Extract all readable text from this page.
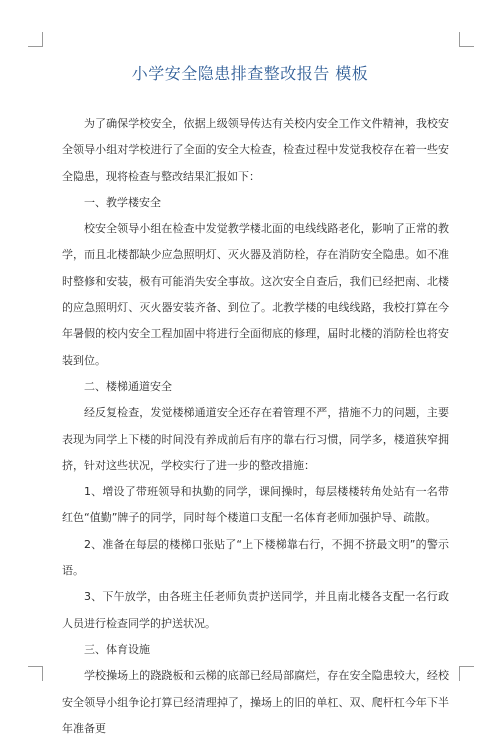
小学安全隐患排查整改报告 模板

为了确保学校安全，依据上级领导传达有关校内安全工作文件精神，我校安全领导小组对学校进行了全面的安全大检查，检查过程中发觉我校存在着一些安全隐患，现将检查与整改结果汇报如下：

一、教学楼安全

校安全领导小组在检查中发觉教学楼北面的电线线路老化，影响了正常的教学，而且北楼都缺少应急照明灯、灭火器及消防栓，存在消防安全隐患。如不准时整修和安装，极有可能消失安全事故。这次安全自查后，我们已经把南、北楼的应急照明灯、灭火器安装齐备、到位了。北教学楼的电线线路，我校打算在今年暑假的校内安全工程加固中将进行全面彻底的修理，届时北楼的消防栓也将安装到位。

二、楼梯通道安全

经反复检查，发觉楼梯通道安全还存在着管理不严，措施不力的问题，主要表现为同学上下楼的时间没有养成前后有序的靠右行习惯，同学多，楼道狭窄拥挤，针对这些状况，学校实行了进一步的整改措施：

1、增设了带班领导和执勤的同学，课间操时，每层楼楼转角处站有一名带红色“值勤”牌子的同学，同时每个楼道口支配一名体育老师加强护导、疏散。

2、准备在每层的楼梯口张贴了“上下楼梯靠右行，不拥不挤最文明”的警示语。

3、下午放学，由各班主任老师负责护送同学，并且南北楼各支配一名行政人员进行检查同学的护送状况。

三、体育设施

学校操场上的跷跷板和云梯的底部已经局部腐烂，存在安全隐患较大，经校安全领导小组争论打算已经清理掉了，操场上的旧的单杠、双、爬杆杠今年下半年准备更
